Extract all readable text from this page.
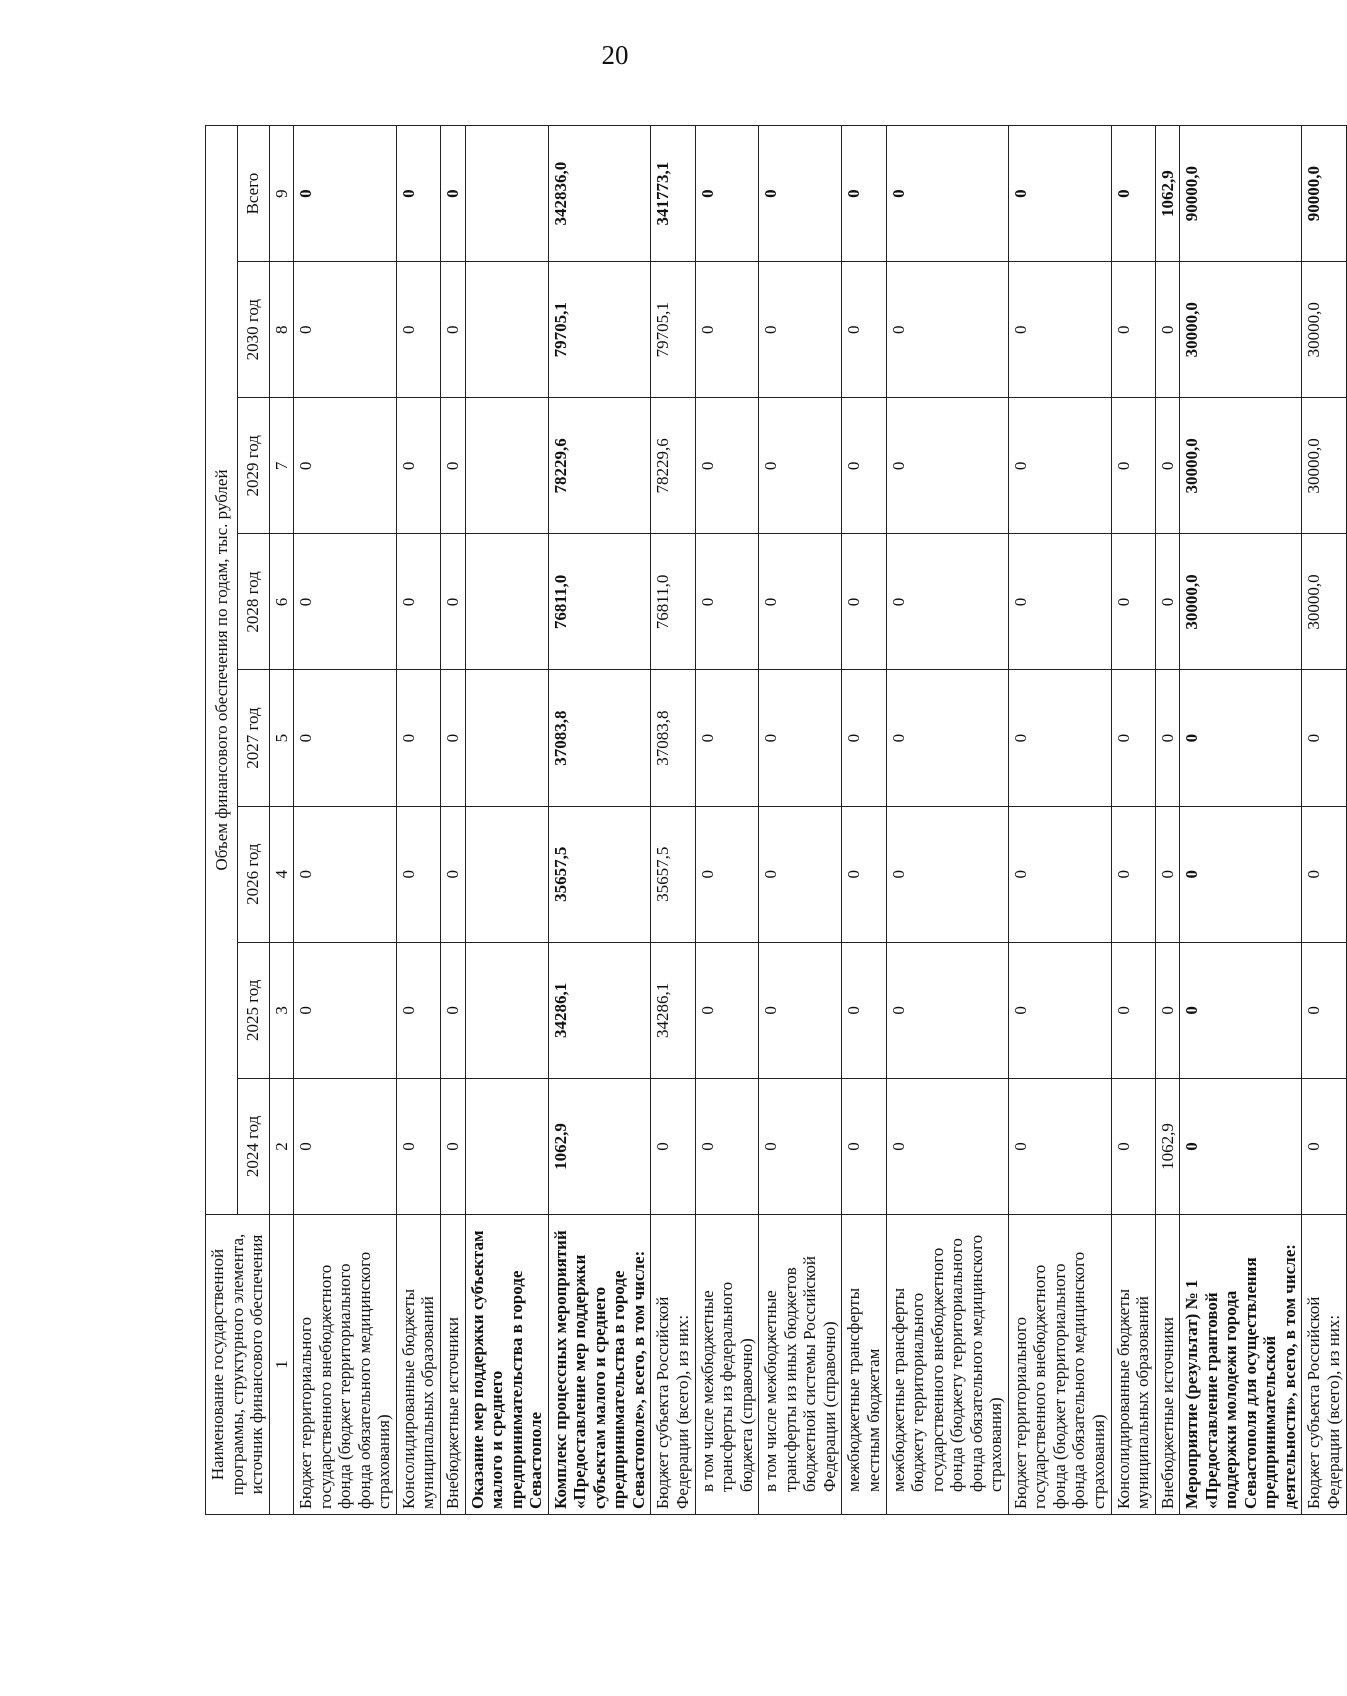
20
Наименование государственной программы, структурного элемента,
источник финансового обеспечения	Объем финансового обеспечения по годам, тыс. рублей							
	2024 год	2025 год	2026 год	2027 год	2028 год	2029 год	2030 год	Всего
1	2	3	4	5	6	7	8	9
Бюджет территориального государственного внебюджетного фонда (бюджет территориального фонда обязательного медицинского страхования)	0	0	0	0	0	0	0	0
Консолидированные бюджеты муниципальных образований	0	0	0	0	0	0	0	0
Внебюджетные источники	0	0	0	0	0	0	0	0
Оказание мер поддержки субъектам малого и среднего предпринимательства в городе Севастополе								
Комплекс процессных мероприятий «Предоставление мер поддержки субъектам малого и среднего предпринимательства в городе Севастополе», всего, в том числе:	1062,9	34286,1	35657,5	37083,8	76811,0	78229,6	79705,1	342836,0
Бюджет субъекта Российской Федерации (всего), из них:	0	34286,1	35657,5	37083,8	76811,0	78229,6	79705,1	341773,1
в том числе межбюджетные трансферты из федерального бюджета (справочно)	0	0	0	0	0	0	0	0
в том числе межбюджетные трансферты из иных бюджетов бюджетной системы Российской Федерации (справочно)	0	0	0	0	0	0	0	0
межбюджетные трансферты местным бюджетам	0	0	0	0	0	0	0	0
межбюджетные трансферты бюджету территориального государственного внебюджетного фонда (бюджету территориального фонда обязательного медицинского страхования)	0	0	0	0	0	0	0	0
Бюджет территориального государственного внебюджетного фонда (бюджет территориального фонда обязательного медицинского страхования)	0	0	0	0	0	0	0	0
Консолидированные бюджеты муниципальных образований	0	0	0	0	0	0	0	0
Внебюджетные источники	1062,9	0	0	0	0	0	0	1062,9
Мероприятие (результат) № 1 «Предоставление грантовой поддержки молодежи города Севастополя для осуществления предпринимательской деятельности», всего, в том числе:	0	0	0	0	30000,0	30000,0	30000,0	90000,0
Бюджет субъекта Российской Федерации (всего), из них:	0	0	0	0	30000,0	30000,0	30000,0	90000,0
